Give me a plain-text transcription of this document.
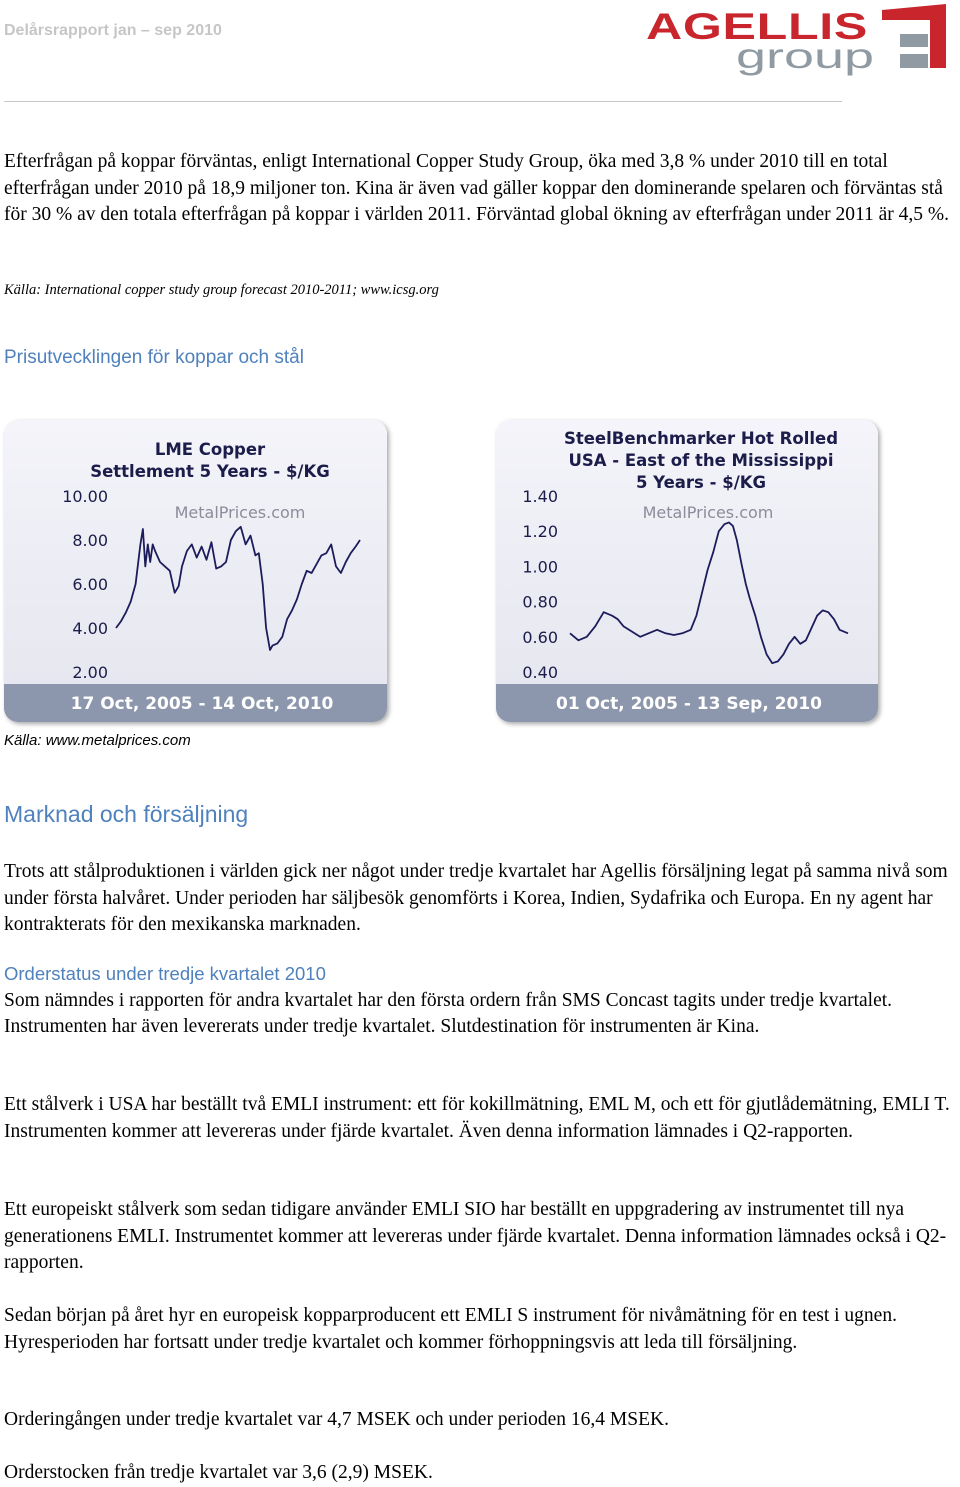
Delårsrapport jan – sep 2010	AGELLIS
group

Efterfrågan på koppar förväntas, enligt International Copper Study Group, öka med 3,8 % under 2010 till en total efterfrågan under 2010 på 18,9 miljoner ton. Kina är även vad gäller koppar den dominerande spelaren och förväntas stå för 30 % av den totala efterfrågan på koppar i världen 2011. Förväntad global ökning av efterfrågan under 2011 är 4,5 %.

Källa: International copper study group forecast 2010-2011; www.icsg.org
Prisutvecklingen för koppar och stål
LME Copper
Settlement 5 Years - $/KG
MetalPrices.com
10.00
8.00
6.00
4.00
2.00
17 Oct, 2005 - 14 Oct, 2010
SteelBenchmarker Hot Rolled
USA - East of the Mississippi
5 Years - $/KG
MetalPrices.com
1.40
1.20
1.00
0.80
0.60
0.40
01 Oct, 2005 - 13 Sep, 2010
Källa: www.metalprices.com
Marknad och försäljning

Trots att stålproduktionen i världen gick ner något under tredje kvartalet har Agellis försäljning legat på samma nivå som under första halvåret. Under perioden har säljbesök genomförts i Korea, Indien, Sydafrika och Europa. En ny agent har kontrakterats för den mexikanska marknaden.

Orderstatus under tredje kvartalet 2010
Som nämndes i rapporten för andra kvartalet har den första ordern från SMS Concast tagits under tredje kvartalet. Instrumenten har även levererats under tredje kvartalet. Slutdestination för instrumenten är Kina.

Ett stålverk i USA har beställt två EMLI instrument: ett för kokillmätning, EML M, och ett för gjutlådemätning, EMLI T. Instrumenten kommer att levereras under fjärde kvartalet. Även denna information lämnades i Q2-rapporten.

Ett europeiskt stålverk som sedan tidigare använder EMLI SIO har beställt en uppgradering av instrumentet till nya generationens EMLI. Instrumentet kommer att levereras under fjärde kvartalet. Denna information lämnades också i Q2-rapporten.

Sedan början på året hyr en europeisk kopparproducent ett EMLI S instrument för nivåmätning för en test i ugnen. Hyresperioden har fortsatt under tredje kvartalet och kommer förhoppningsvis att leda till försäljning.

Orderingången under tredje kvartalet var 4,7 MSEK och under perioden 16,4 MSEK.

Orderstocken från tredje kvartalet var 3,6 (2,9) MSEK.
